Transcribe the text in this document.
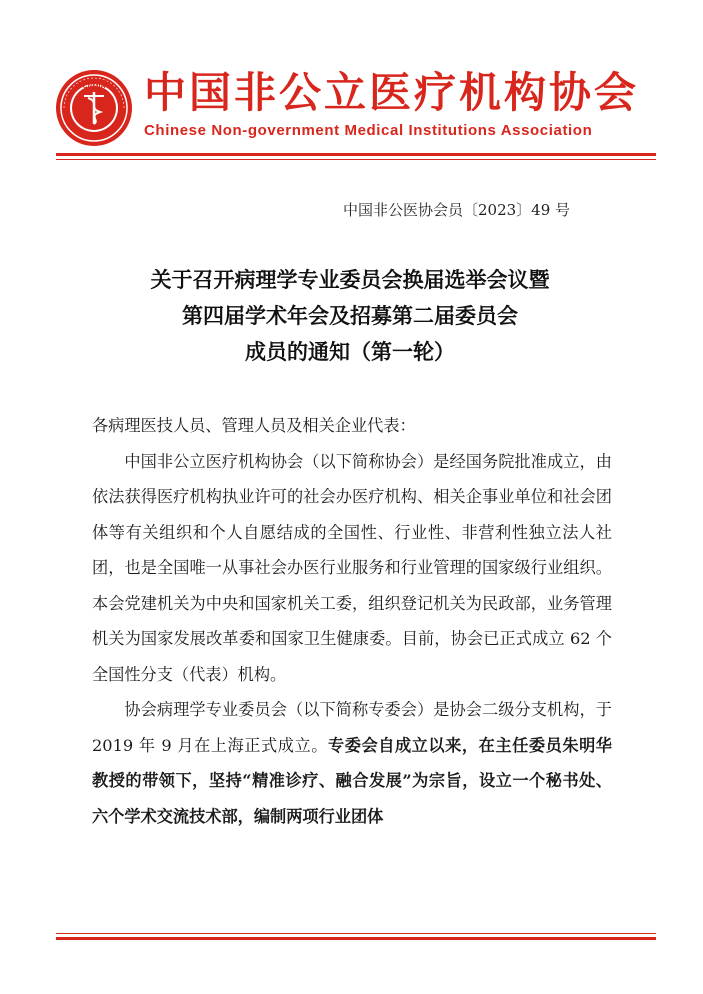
CNMIA 中国非公立医疗机构协会
Chinese Non-government Medical Institutions Association
中国非公医协会员〔2023〕49 号
关于召开病理学专业委员会换届选举会议暨
第四届学术年会及招募第二届委员会
成员的通知（第一轮）

各病理医技人员、管理人员及相关企业代表：

中国非公立医疗机构协会（以下简称协会）是经国务院批准成立，由依法获得医疗机构执业许可的社会办医疗机构、相关企事业单位和社会团体等有关组织和个人自愿结成的全国性、行业性、非营利性独立法人社团，也是全国唯一从事社会办医行业服务和行业管理的国家级行业组织。本会党建机关为中央和国家机关工委，组织登记机关为民政部，业务管理机关为国家发展改革委和国家卫生健康委。目前，协会已正式成立 62 个全国性分支（代表）机构。

协会病理学专业委员会（以下简称专委会）是协会二级分支机构，于 2019 年 9 月在上海正式成立。专委会自成立以来，在主任委员朱明华教授的带领下，坚持“精准诊疗、融合发展”为宗旨，设立一个秘书处、六个学术交流技术部，编制两项行业团体
